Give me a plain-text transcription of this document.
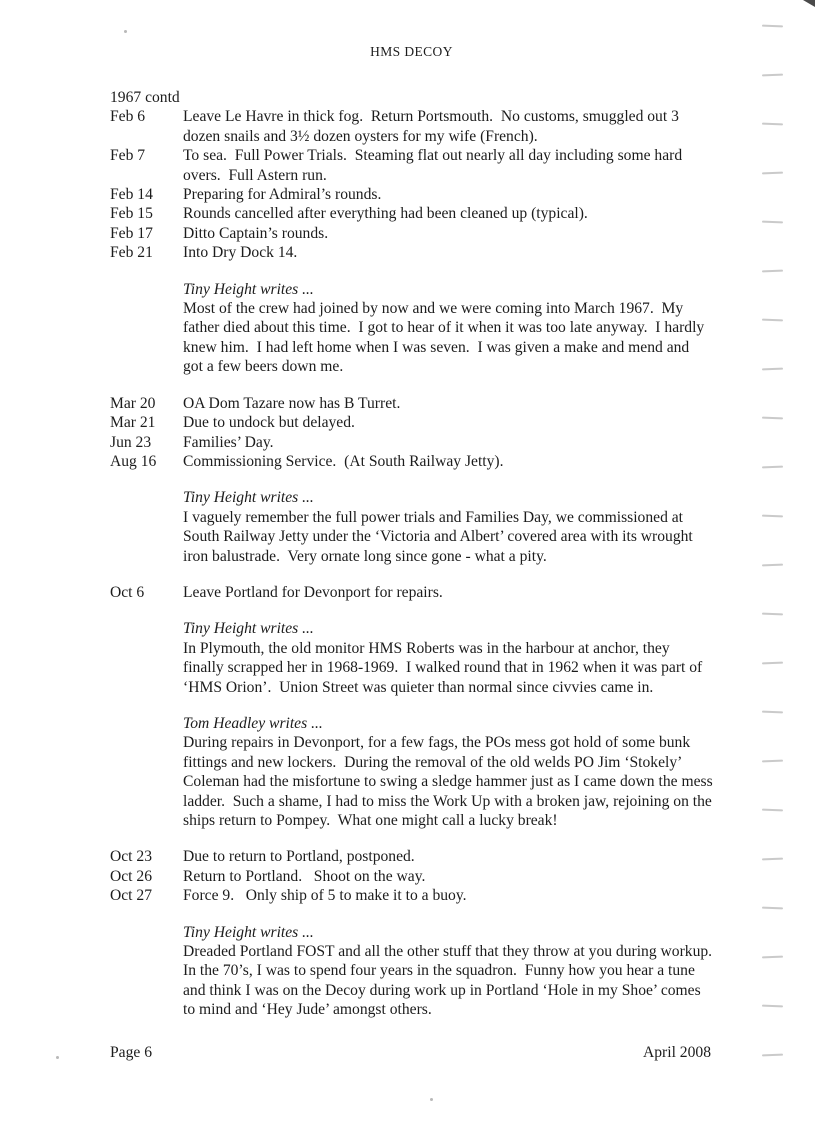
HMS DECOY

1967 contd

Feb 6	Leave Le Havre in thick fog.  Return Portsmouth.  No customs, smuggled out 3 dozen snails and 3½ dozen oysters for my wife (French).
Feb 7	To sea.  Full Power Trials.  Steaming flat out nearly all day including some hard overs.  Full Astern run.
Feb 14	Preparing for Admiral’s rounds.
Feb 15	Rounds cancelled after everything had been cleaned up (typical).
Feb 17	Ditto Captain’s rounds.
Feb 21	Into Dry Dock 14.
Tiny Height writes ...
Most of the crew had joined by now and we were coming into March 1967.  My father died about this time.  I got to hear of it when it was too late anyway.  I hardly knew him.  I had left home when I was seven.  I was given a make and mend and got a few beers down me.
Mar 20	OA Dom Tazare now has B Turret.
Mar 21	Due to undock but delayed.
Jun 23	Families’ Day.
Aug 16	Commissioning Service.  (At South Railway Jetty).
Tiny Height writes ...
I vaguely remember the full power trials and Families Day, we commissioned at South Railway Jetty under the ‘Victoria and Albert’ covered area with its wrought iron balustrade.  Very ornate long since gone - what a pity.
Oct 6	Leave Portland for Devonport for repairs.
Tiny Height writes ...
In Plymouth, the old monitor HMS Roberts was in the harbour at anchor, they finally scrapped her in 1968-1969.  I walked round that in 1962 when it was part of ‘HMS Orion’.  Union Street was quieter than normal since civvies came in.
Tom Headley writes ...
During repairs in Devonport, for a few fags, the POs mess got hold of some bunk fittings and new lockers.  During the removal of the old welds PO Jim ‘Stokely’ Coleman had the misfortune to swing a sledge hammer just as I came down the mess ladder.  Such a shame, I had to miss the Work Up with a broken jaw, rejoining on the ships return to Pompey.  What one might call a lucky break!
Oct 23	Due to return to Portland, postponed.
Oct 26	Return to Portland.   Shoot on the way.
Oct 27	Force 9.   Only ship of 5 to make it to a buoy.
Tiny Height writes ...
Dreaded Portland FOST and all the other stuff that they throw at you during workup.  In the 70’s, I was to spend four years in the squadron.  Funny how you hear a tune and think I was on the Decoy during work up in Portland ‘Hole in my Shoe’ comes to mind and ‘Hey Jude’ amongst others.
Page 6	April 2008
